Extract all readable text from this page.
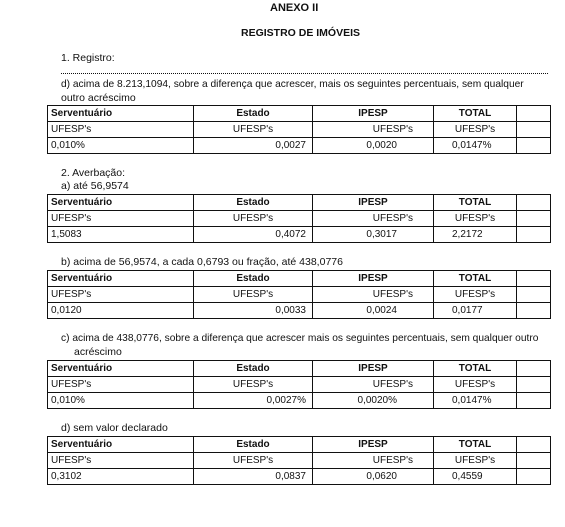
ANEXO II
REGISTRO DE IMÓVEIS
1. Registro:
d) acima de 8.213,1094, sobre a diferença que acrescer, mais os seguintes percentuais, sem qualquer
outro acréscimo
Serventuário	Estado	IPESP	TOTAL	
UFESP's	UFESP's	UFESP's	UFESP's	
0,010%	0,0027	0,0020	0,0147%	
2. Averbação:
a) até 56,9574
Serventuário	Estado	IPESP	TOTAL	
UFESP's	UFESP's	UFESP's	UFESP's	
1,5083	0,4072	0,3017	2,2172	
b) acima de 56,9574, a cada 0,6793 ou fração, até 438,0776
Serventuário	Estado	IPESP	TOTAL	
UFESP's	UFESP's	UFESP's	UFESP's	
0,0120	0,0033	0,0024	0,0177	
c) acima de 438,0776, sobre a diferença que acrescer mais os seguintes percentuais, sem qualquer outro
acréscimo
Serventuário	Estado	IPESP	TOTAL	
UFESP's	UFESP's	UFESP's	UFESP's	
0,010%	0,0027%	0,0020%	0,0147%	
d) sem valor declarado
Serventuário	Estado	IPESP	TOTAL	
UFESP's	UFESP's	UFESP's	UFESP's	
0,3102	0,0837	0,0620	0,4559	
